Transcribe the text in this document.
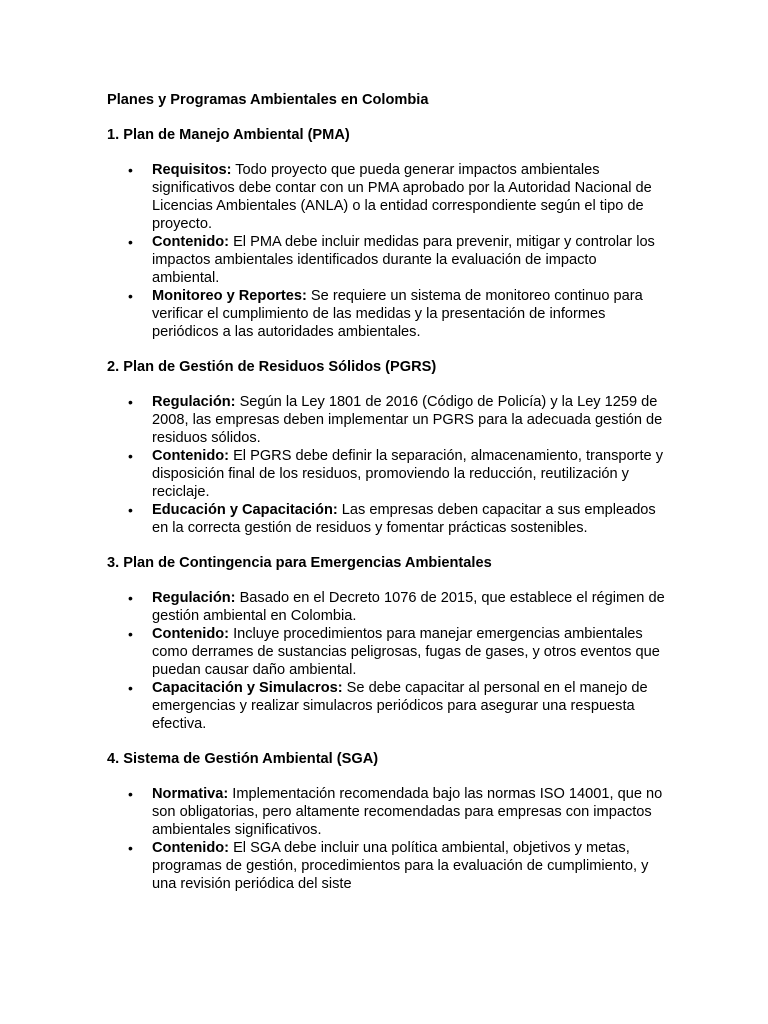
Planes y Programas Ambientales en Colombia
1. Plan de Manejo Ambiental (PMA)
• Requisitos: Todo proyecto que pueda generar impactos ambientales significativos debe contar con un PMA aprobado por la Autoridad Nacional de Licencias Ambientales (ANLA) o la entidad correspondiente según el tipo de proyecto.
• Contenido: El PMA debe incluir medidas para prevenir, mitigar y controlar los impactos ambientales identificados durante la evaluación de impacto ambiental.
• Monitoreo y Reportes: Se requiere un sistema de monitoreo continuo para verificar el cumplimiento de las medidas y la presentación de informes periódicos a las autoridades ambientales.
2. Plan de Gestión de Residuos Sólidos (PGRS)
• Regulación: Según la Ley 1801 de 2016 (Código de Policía) y la Ley 1259 de 2008, las empresas deben implementar un PGRS para la adecuada gestión de residuos sólidos.
• Contenido: El PGRS debe definir la separación, almacenamiento, transporte y disposición final de los residuos, promoviendo la reducción, reutilización y reciclaje.
• Educación y Capacitación: Las empresas deben capacitar a sus empleados en la correcta gestión de residuos y fomentar prácticas sostenibles.
3. Plan de Contingencia para Emergencias Ambientales
• Regulación: Basado en el Decreto 1076 de 2015, que establece el régimen de gestión ambiental en Colombia.
• Contenido: Incluye procedimientos para manejar emergencias ambientales como derrames de sustancias peligrosas, fugas de gases, y otros eventos que puedan causar daño ambiental.
• Capacitación y Simulacros: Se debe capacitar al personal en el manejo de emergencias y realizar simulacros periódicos para asegurar una respuesta efectiva.
4. Sistema de Gestión Ambiental (SGA)
• Normativa: Implementación recomendada bajo las normas ISO 14001, que no son obligatorias, pero altamente recomendadas para empresas con impactos ambientales significativos.
• Contenido: El SGA debe incluir una política ambiental, objetivos y metas, programas de gestión, procedimientos para la evaluación de cumplimiento, y una revisión periódica del siste
